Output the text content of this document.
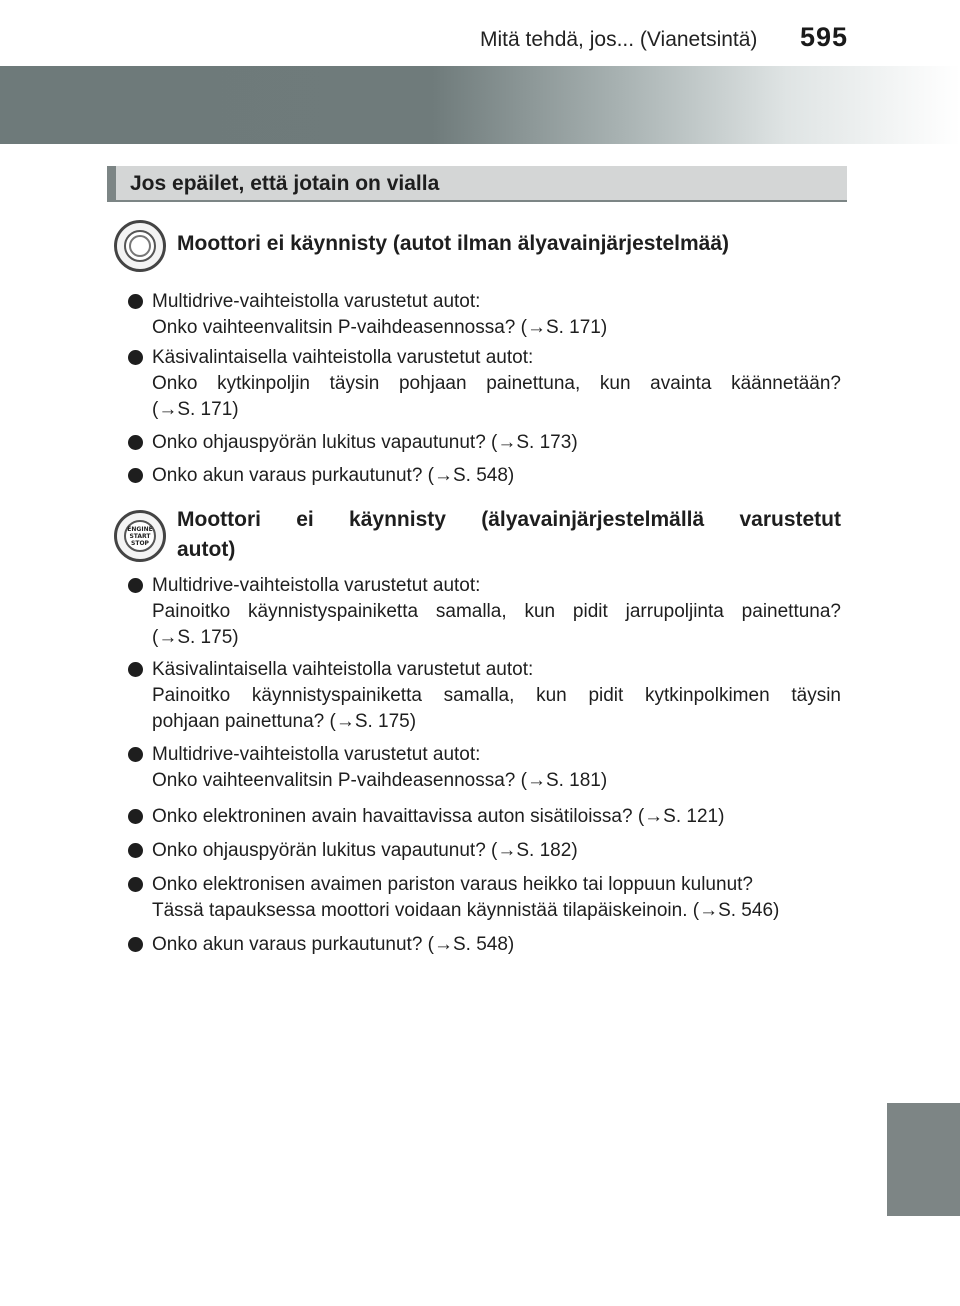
Mitä tehdä, jos... (Vianetsintä)	595
Jos epäilet, että jotain on vialla
Moottori ei käynnisty (autot ilman älyavainjärjestelmää)
Multidrive-vaihteistolla varustetut autot:
Onko vaihteenvalitsin P-vaihdeasennossa? (→S. 171)
Käsivalintaisella vaihteistolla varustetut autot:
Onko kytkinpoljin täysin pohjaan painettuna, kun avainta käännetään?
(→S. 171)
Onko ohjauspyörän lukitus vapautunut? (→S. 173)
Onko akun varaus purkautunut? (→S. 548)
ENGINE
START
STOP
Moottori ei käynnisty (älyavainjärjestelmällä varustetut
autot)
Multidrive-vaihteistolla varustetut autot:
Painoitko käynnistyspainiketta samalla, kun pidit jarrupoljinta painettuna?
(→S. 175)
Käsivalintaisella vaihteistolla varustetut autot:
Painoitko käynnistyspainiketta samalla, kun pidit kytkinpolkimen täysin
pohjaan painettuna? (→S. 175)
Multidrive-vaihteistolla varustetut autot:
Onko vaihteenvalitsin P-vaihdeasennossa? (→S. 181)
Onko elektroninen avain havaittavissa auton sisätiloissa? (→S. 121)
Onko ohjauspyörän lukitus vapautunut? (→S. 182)
Onko elektronisen avaimen pariston varaus heikko tai loppuun kulunut?
Tässä tapauksessa moottori voidaan käynnistää tilapäiskeinoin. (→S. 546)
Onko akun varaus purkautunut? (→S. 548)
